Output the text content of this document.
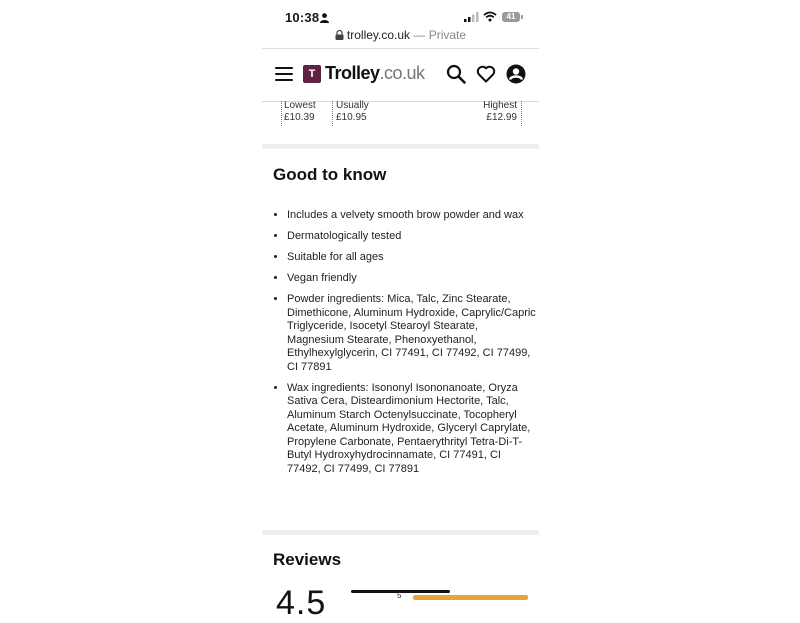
10:38	41
trolley.co.uk — Private
T Trolley.co.uk
Lowest
£10.39
Usually
£10.95
Highest
£12.99
Good to know
• Includes a velvety smooth brow powder and wax
• Dermatologically tested
• Suitable for all ages
• Vegan friendly
• Powder ingredients: Mica, Talc, Zinc Stearate, Dimethicone, Aluminum Hydroxide, Caprylic/Capric Triglyceride, Isocetyl Stearoyl Stearate, Magnesium Stearate, Phenoxyethanol, Ethylhexylglycerin, CI 77491, CI 77492, CI 77499, CI 77891
• Wax ingredients: Isononyl Isononanoate, Oryza Sativa Cera, Disteardimonium Hectorite, Talc, Aluminum Starch Octenylsuccinate, Tocopheryl Acetate, Aluminum Hydroxide, Glyceryl Caprylate, Propylene Carbonate, Pentaerythrityl Tetra-Di-T-Butyl Hydroxyhydrocinnamate, CI 77491, CI 77492, CI 77499, CI 77891
Reviews
4.5	5
